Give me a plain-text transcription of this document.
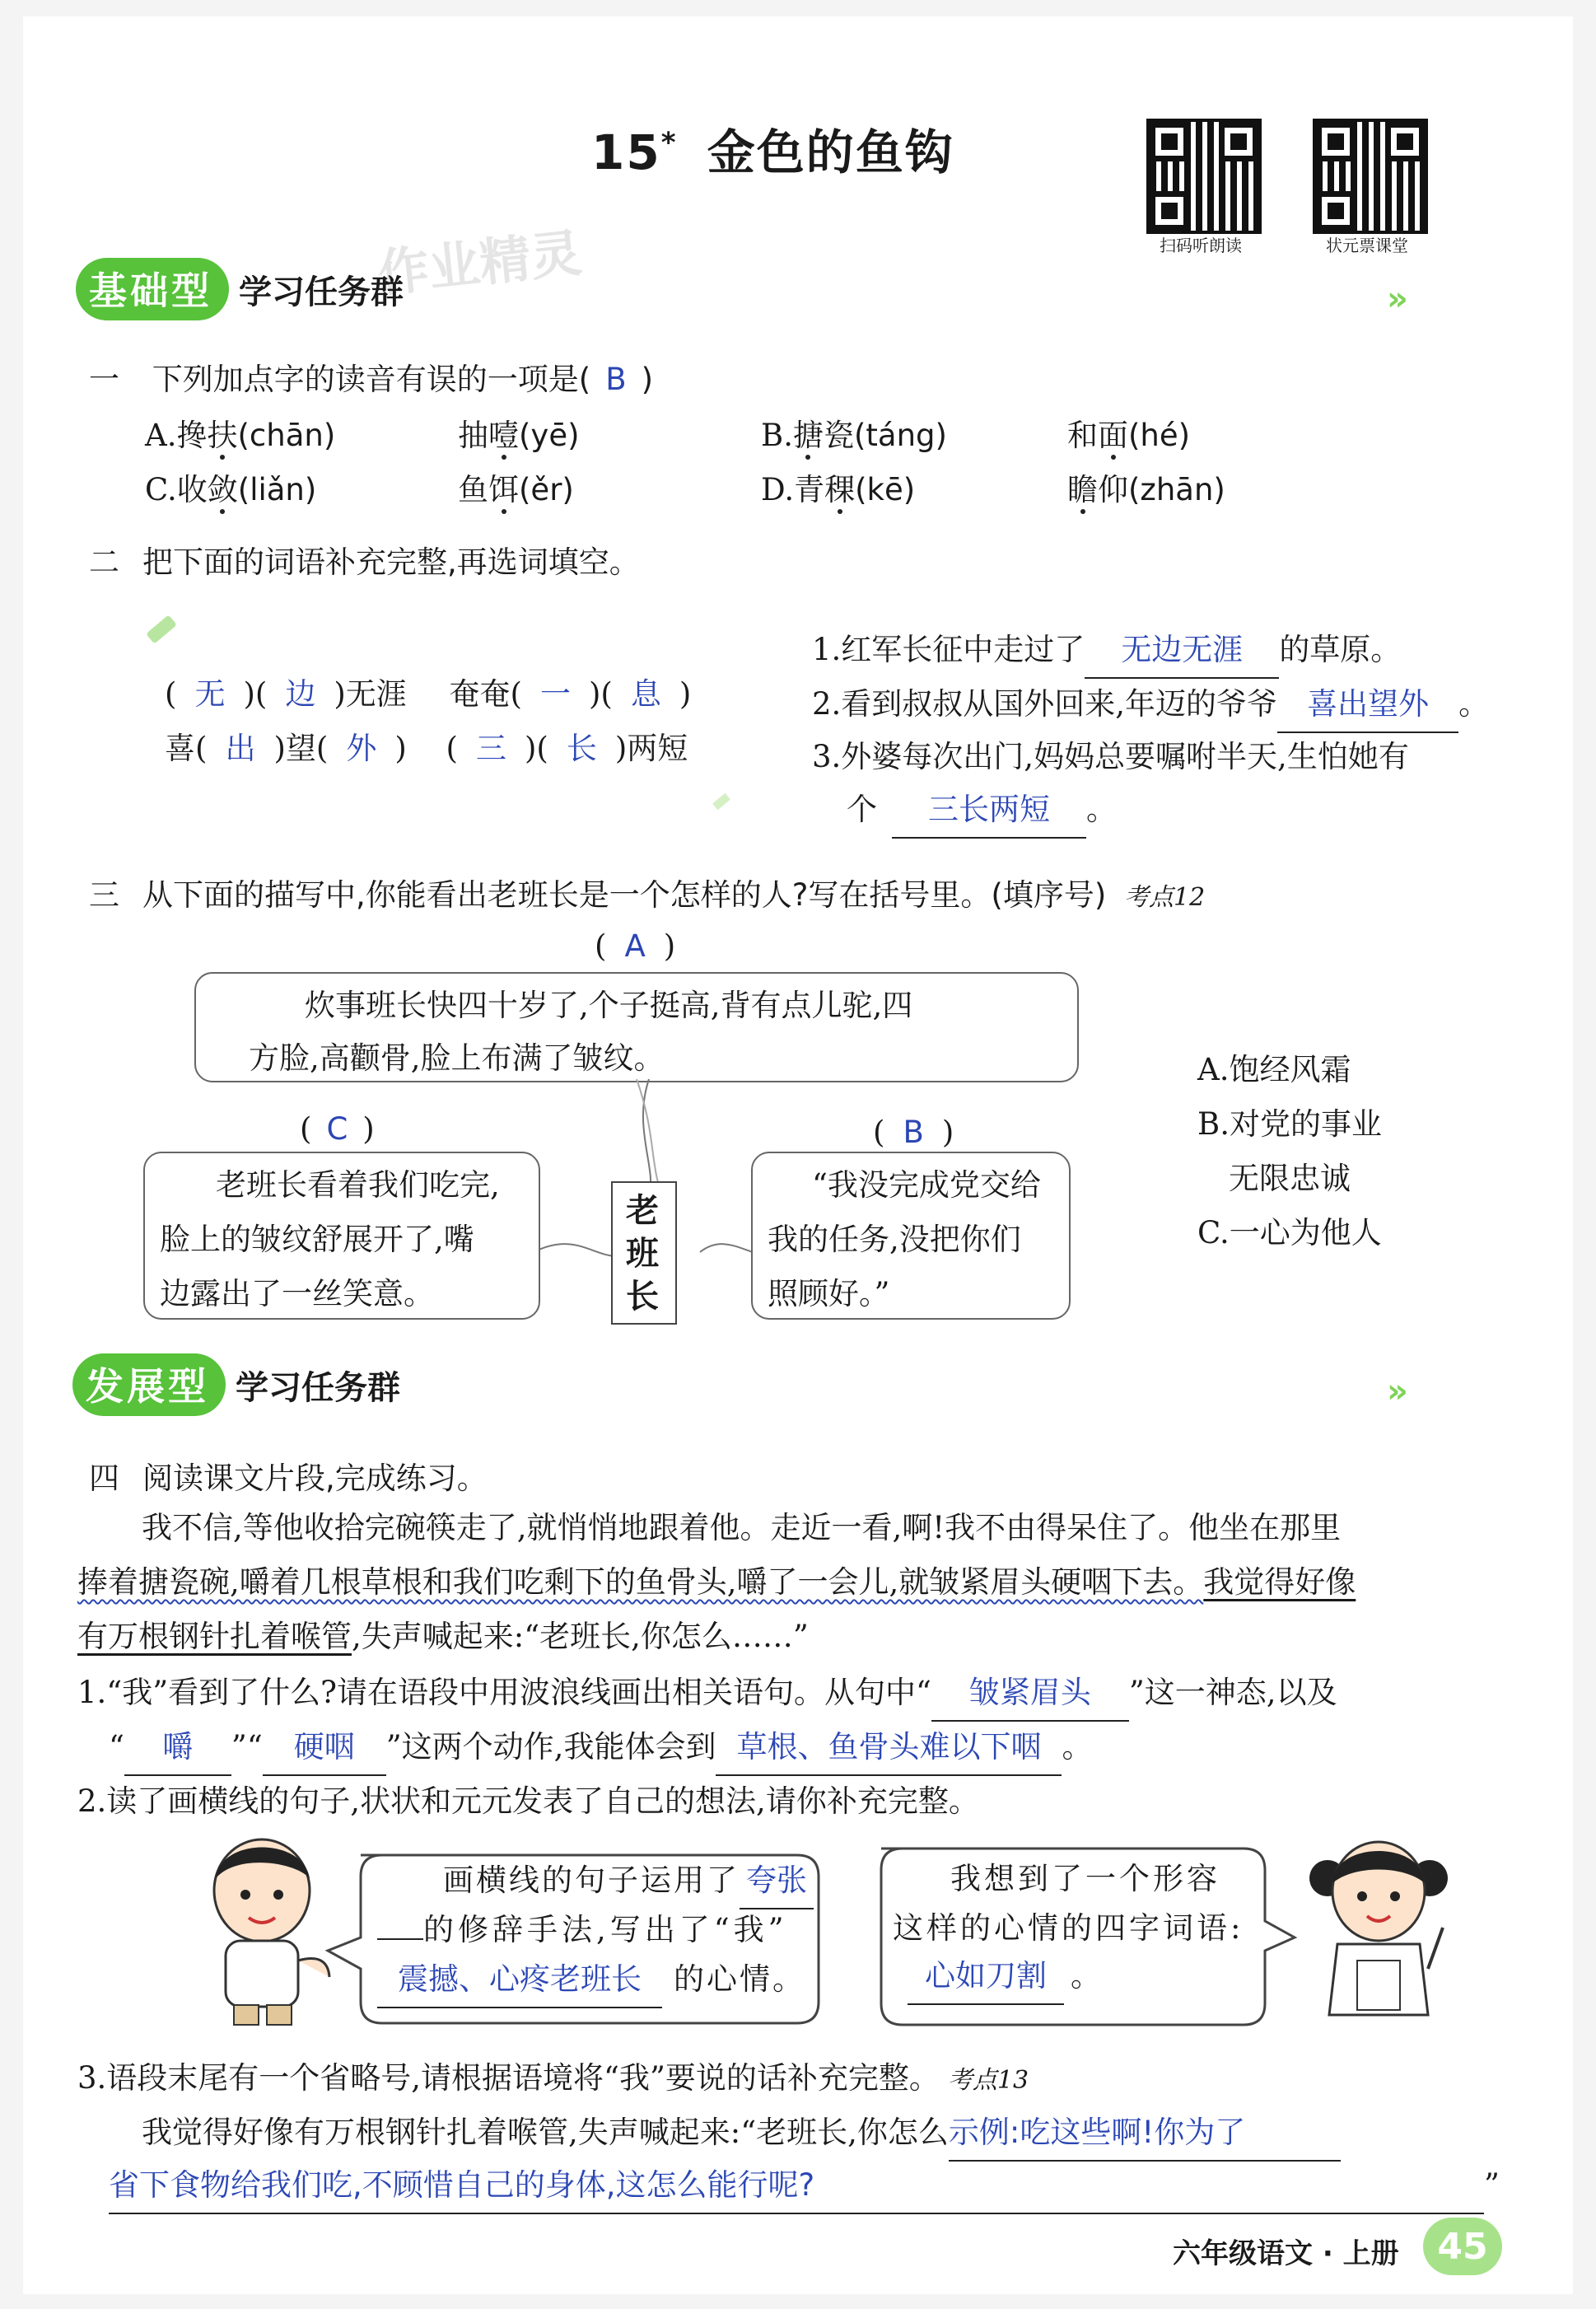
15* 金色的鱼钩
扫码听朗读	状元票课堂
作业精灵
基础型 学习任务群	»
一 下列加点字的读音有误的一项是( B )
A.搀扶(chān)	抽噎(yē)	B.搪瓷(táng)	和面(hé)
C.收敛(liǎn)	鱼饵(ěr)	D.青稞(kē)	瞻仰(zhān)
二 把下面的词语补充完整,再选词填空。
( 无 )( 边 )无涯 奄奄( 一 )( 息 )
喜( 出 )望( 外 ) ( 三 )( 长 )两短
1.红军长征中走过了 无边无涯 的草原。
2.看到叔叔从国外回来,年迈的爷爷 喜出望外 。
3.外婆每次出门,妈妈总要嘱咐半天,生怕她有
个 三长两短 。
三 从下面的描写中,你能看出老班长是一个怎样的人?写在括号里。(填序号) 考点12
( A )
炊事班长快四十岁了,个子挺高,背有点儿驼,四
方脸,高颧骨,脸上布满了皱纹。
( C )
老班长看着我们吃完,
脸上的皱纹舒展开了,嘴
边露出了一丝笑意。
老
班
长
( B )
“我没完成党交给
我的任务,没把你们
照顾好。”
A.饱经风霜
B.对党的事业
无限忠诚
C.一心为他人
发展型 学习任务群	»
四 阅读课文片段,完成练习。
我不信,等他收拾完碗筷走了,就悄悄地跟着他。走近一看,啊!我不由得呆住了。他坐在那里
捧着搪瓷碗,嚼着几根草根和我们吃剩下的鱼骨头,嚼了一会儿,就皱紧眉头硬咽下去。我觉得好像
有万根钢针扎着喉管,失声喊起来:“老班长,你怎么……”
1.“我”看到了什么?请在语段中用波浪线画出相关语句。从句中“ 皱紧眉头 ”这一神态,以及
“ 嚼 ”“ 硬咽 ”这两个动作,我能体会到 草根、鱼骨头难以下咽 。
2.读了画横线的句子,状状和元元发表了自己的想法,请你补充完整。
画横线的句子运用了 夸张
的修辞手法,写出了“我”
震撼、心疼老班长 的心情。
我想到了一个形容
这样的心情的四字词语:
心如刀割 。
3.语段末尾有一个省略号,请根据语境将“我”要说的话补充完整。 考点13
我觉得好像有万根钢针扎着喉管,失声喊起来:“老班长,你怎么示例:吃这些啊!你为了
省下食物给我们吃,不顾惜自己的身体,这怎么能行呢?	”
六年级语文 · 上册	45
